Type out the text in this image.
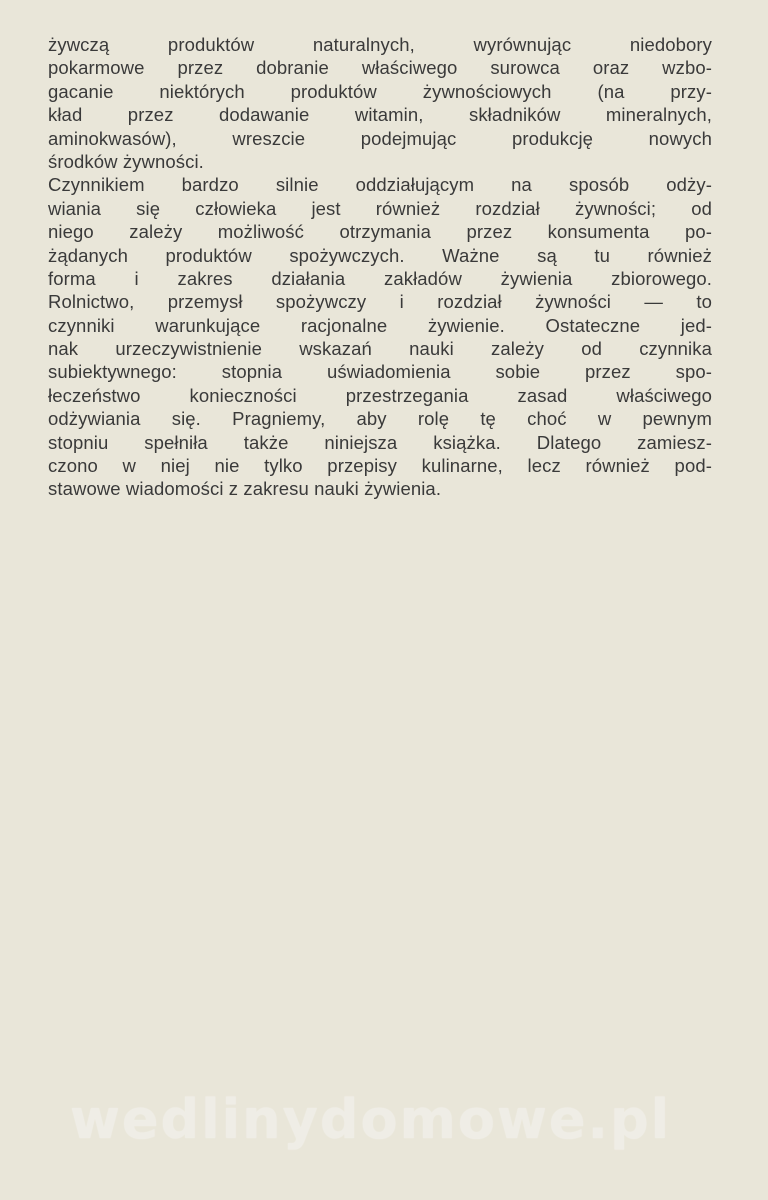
żywczą produktów naturalnych, wyrównując niedobory
pokarmowe przez dobranie właściwego surowca oraz wzbo-
gacanie niektórych produktów żywnościowych (na przy-
kład przez dodawanie witamin, składników mineralnych,
aminokwasów), wreszcie podejmując produkcję nowych
środków żywności.
Czynnikiem bardzo silnie oddziałującym na sposób odży-
wiania się człowieka jest również rozdział żywności; od
niego zależy możliwość otrzymania przez konsumenta po-
żądanych produktów spożywczych. Ważne są tu również
forma i zakres działania zakładów żywienia zbiorowego.
Rolnictwo, przemysł spożywczy i rozdział żywności — to
czynniki warunkujące racjonalne żywienie. Ostateczne jed-
nak urzeczywistnienie wskazań nauki zależy od czynnika
subiektywnego: stopnia uświadomienia sobie przez spo-
łeczeństwo konieczności przestrzegania zasad właściwego
odżywiania się. Pragniemy, aby rolę tę choć w pewnym
stopniu spełniła także niniejsza książka. Dlatego zamiesz-
czono w niej nie tylko przepisy kulinarne, lecz również pod-
stawowe wiadomości z zakresu nauki żywienia.
wedlinydomowe.pl
